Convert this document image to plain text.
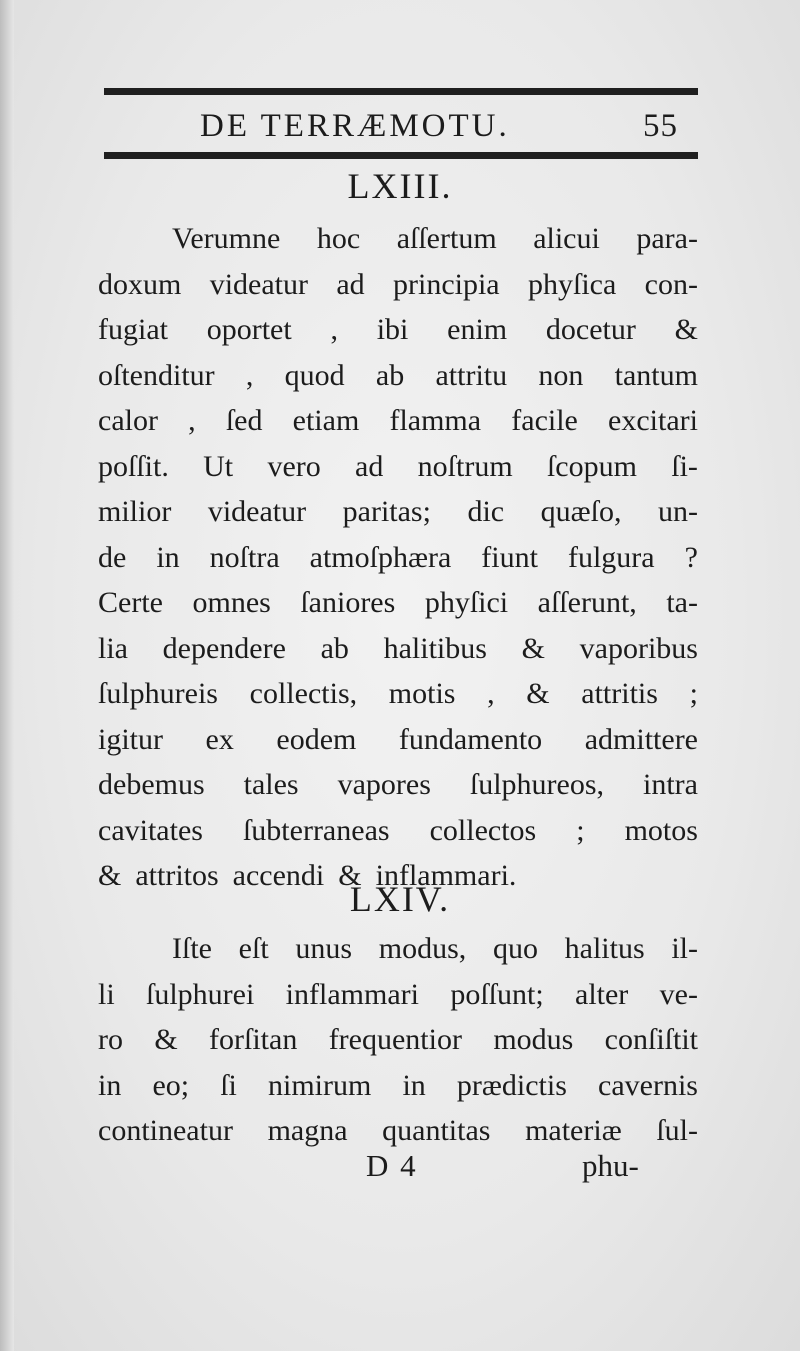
DE TERRÆMOTU.	55
LXIII.
Verumne hoc aſſertum alicui para-
doxum videatur ad principia phyſica con-
fugiat oportet , ibi enim docetur &
oſtenditur , quod ab attritu non tantum
calor , ſed etiam flamma facile excitari
poſſit. Ut vero ad noſtrum ſcopum ſi-
milior videatur paritas; dic quæſo, un-
de in noſtra atmoſphæra fiunt fulgura ?
Certe omnes ſaniores phyſici aſſerunt, ta-
lia dependere ab halitibus & vaporibus
ſulphureis collectis, motis , & attritis ;
igitur ex eodem fundamento admittere
debemus tales vapores ſulphureos, intra
cavitates ſubterraneas collectos ; motos
& attritos accendi & inflammari.
LXIV.
Iſte eſt unus modus, quo halitus il-
li ſulphurei inflammari poſſunt; alter ve-
ro & forſitan frequentior modus conſiſtit
in eo; ſi nimirum in prædictis cavernis
contineatur magna quantitas materiæ ſul-
D 4	phu-
